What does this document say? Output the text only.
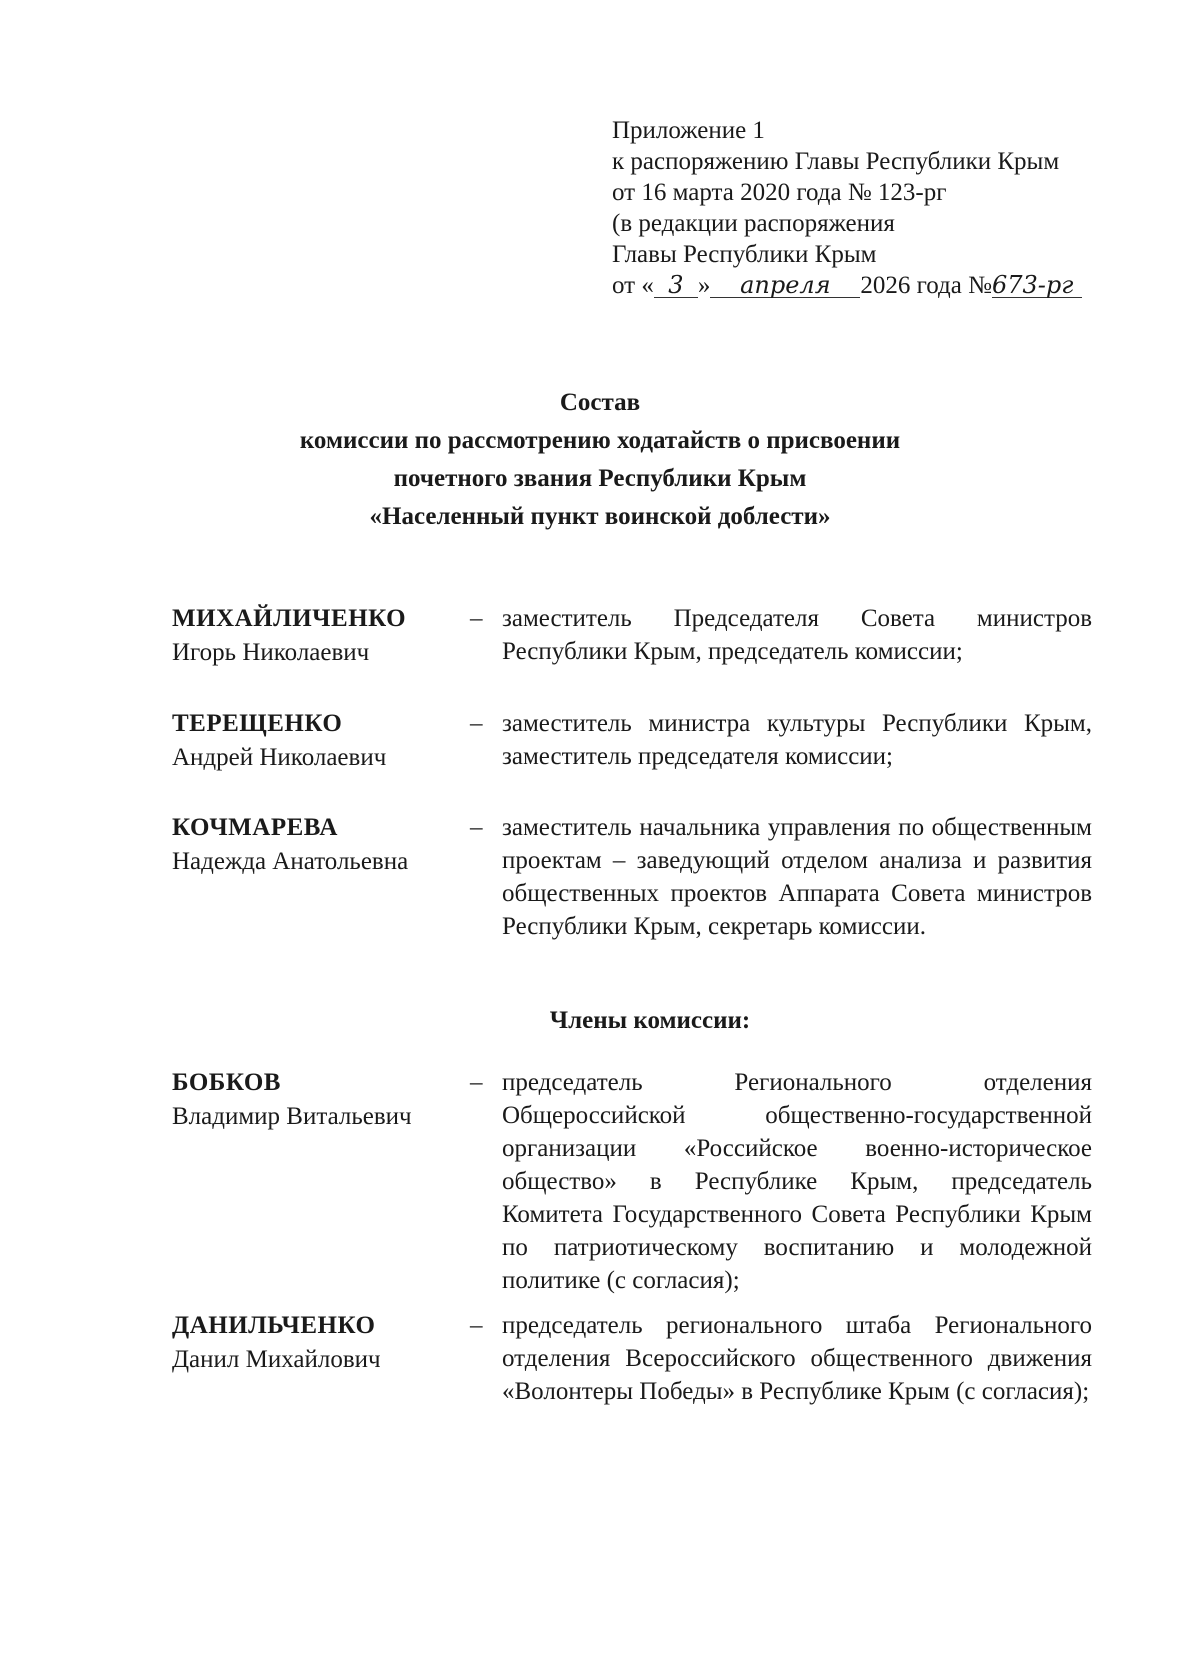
Приложение 1
к распоряжению Главы Республики Крым
от 16 марта 2020 года № 123-рг
(в редакции распоряжения
Главы Республики Крым
от « 3 » апреля 2026 года №673-рг
Состав
комиссии по рассмотрению ходатайств о присвоении
почетного звания Республики Крым
«Населенный пункт воинской доблести»
МИХАЙЛИЧЕНКО
Игорь Николаевич
– заместитель Председателя Совета министров Республики Крым, председатель комиссии;
ТЕРЕЩЕНКО
Андрей Николаевич
– заместитель министра культуры Республики Крым, заместитель председателя комиссии;
КОЧМАРЕВА
Надежда Анатольевна
– заместитель начальника управления по общественным проектам – заведующий отделом анализа и развития общественных проектов Аппарата Совета министров Республики Крым, секретарь комиссии.
Члены комиссии:
БОБКОВ
Владимир Витальевич
– председатель Регионального отделения Общероссийской общественно-государственной организации «Российское военно-историческое общество» в Республике Крым, председатель Комитета Государственного Совета Республики Крым по патриотическому воспитанию и молодежной политике (с согласия);
ДАНИЛЬЧЕНКО
Данил Михайлович
– председатель регионального штаба Регионального отделения Всероссийского общественного движения «Волонтеры Победы» в Республике Крым (с согласия);
